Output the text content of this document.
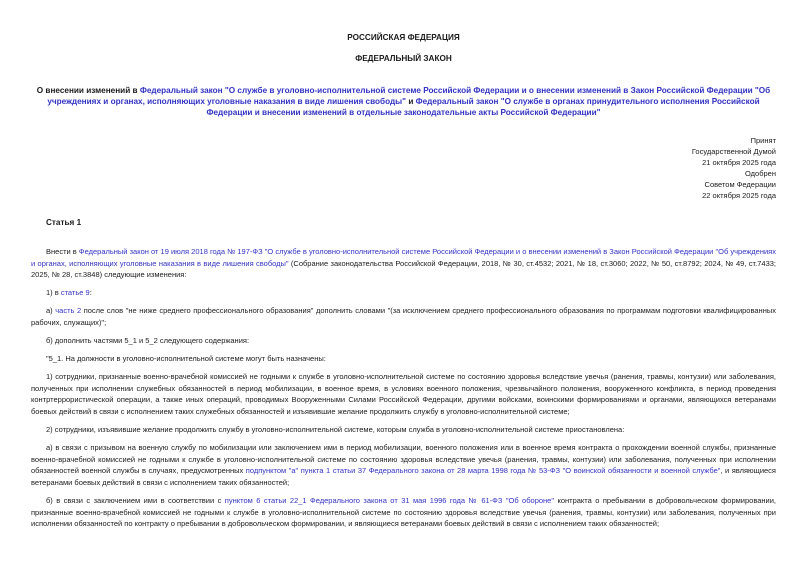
РОССИЙСКАЯ ФЕДЕРАЦИЯ
ФЕДЕРАЛЬНЫЙ ЗАКОН
О внесении изменений в Федеральный закон "О службе в уголовно-исполнительной системе Российской Федерации и о внесении изменений в Закон Российской Федерации "Об учреждениях и органах, исполняющих уголовные наказания в виде лишения свободы" и Федеральный закон "О службе в органах принудительного исполнения Российской Федерации и внесении изменений в отдельные законодательные акты Российской Федерации"
Принят
Государственной Думой
21 октября 2025 года
Одобрен
Советом Федерации
22 октября 2025 года
Статья 1

Внести в Федеральный закон от 19 июля 2018 года № 197-ФЗ "О службе в уголовно-исполнительной системе Российской Федерации и о внесении изменений в Закон Российской Федерации "Об учреждениях и органах, исполняющих уголовные наказания в виде лишения свободы" (Собрание законодательства Российской Федерации, 2018, № 30, ст.4532; 2021, № 18, ст.3060; 2022, № 50, ст.8792; 2024, № 49, ст.7433; 2025, № 28, ст.3848) следующие изменения:

1) в статье 9:

а) часть 2 после слов "не ниже среднего профессионального образования" дополнить словами "(за исключением среднего профессионального образования по программам подготовки квалифицированных рабочих, служащих)";

б) дополнить частями 5_1 и 5_2 следующего содержания:

"5_1. На должности в уголовно-исполнительной системе могут быть назначены:

1) сотрудники, признанные военно-врачебной комиссией не годными к службе в уголовно-исполнительной системе по состоянию здоровья вследствие увечья (ранения, травмы, контузии) или заболевания, полученных при исполнении служебных обязанностей в период мобилизации, в военное время, в условиях военного положения, чрезвычайного положения, вооруженного конфликта, в период проведения контртеррористической операции, а также иных операций, проводимых Вооруженными Силами Российской Федерации, другими войсками, воинскими формированиями и органами, являющихся ветеранами боевых действий в связи с исполнением таких служебных обязанностей и изъявившие желание продолжить службу в уголовно-исполнительной системе;

2) сотрудники, изъявившие желание продолжить службу в уголовно-исполнительной системе, которым служба в уголовно-исполнительной системе приостановлена:

а) в связи с призывом на военную службу по мобилизации или заключением ими в период мобилизации, военного положения или в военное время контракта о прохождении военной службы, признанные военно-врачебной комиссией не годными к службе в уголовно-исполнительной системе по состоянию здоровья вследствие увечья (ранения, травмы, контузии) или заболевания, полученных при исполнении обязанностей военной службы в случаях, предусмотренных подпунктом "а" пункта 1 статьи 37 Федерального закона от 28 марта 1998 года № 53-ФЗ "О воинской обязанности и военной службе", и являющиеся ветеранами боевых действий в связи с исполнением таких обязанностей;

б) в связи с заключением ими в соответствии с пунктом 6 статьи 22_1 Федерального закона от 31 мая 1996 года № 61-ФЗ "Об обороне" контракта о пребывании в добровольческом формировании, признанные военно-врачебной комиссией не годными к службе в уголовно-исполнительной системе по состоянию здоровья вследствие увечья (ранения, травмы, контузии) или заболевания, полученных при исполнении обязанностей по контракту о пребывании в добровольческом формировании, и являющиеся ветеранами боевых действий в связи с исполнением таких обязанностей;
